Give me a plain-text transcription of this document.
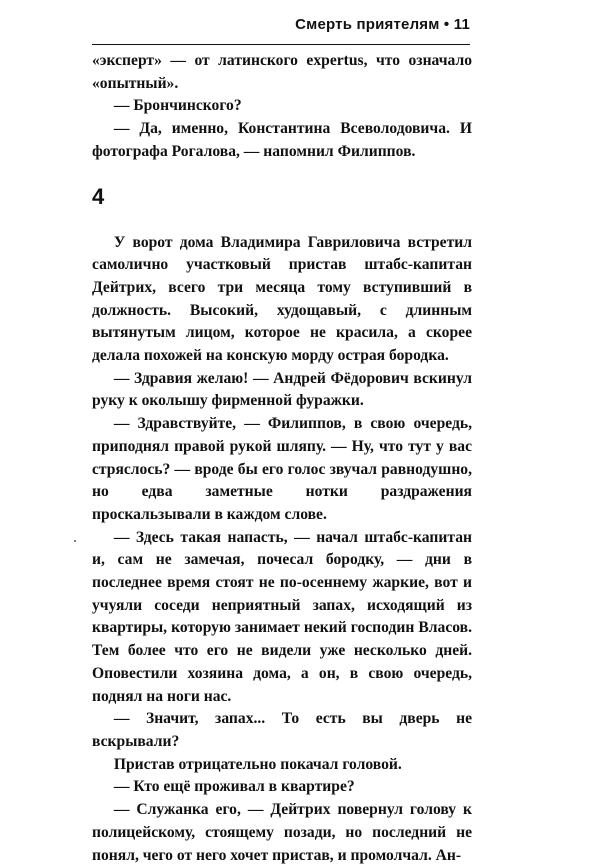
Смерть приятелям • 11

«эксперт» — от латинского expertus, что означало «опытный».

— Брончинского?

— Да, именно, Константина Всеволодовича. И фотографа Рогалова, — напомнил Филиппов.

4

У ворот дома Владимира Гавриловича встретил самолично участковый пристав штабс-капитан Дейтрих, всего три месяца тому вступивший в должность. Высокий, худощавый, с длинным вытянутым лицом, которое не красила, а скорее делала похожей на конскую морду острая бородка.

— Здравия желаю! — Андрей Фёдорович вскинул руку к околышу фирменной фуражки.

— Здравствуйте, — Филиппов, в свою очередь, приподнял правой рукой шляпу. — Ну, что тут у вас стряслось? — вроде бы его голос звучал равнодушно, но едва заметные нотки раздражения проскальзывали в каждом слове.

— Здесь такая напасть, — начал штабс-капитан и, сам не замечая, почесал бородку, — дни в последнее время стоят не по-осеннему жаркие, вот и учуяли соседи неприятный запах, исходящий из квартиры, которую занимает некий господин Власов. Тем более что его не видели уже несколько дней. Оповестили хозяина дома, а он, в свою очередь, поднял на ноги нас.

— Значит, запах... То есть вы дверь не вскрывали?

Пристав отрицательно покачал головой.

— Кто ещё проживал в квартире?

— Служанка его, — Дейтрих повернул голову к полицейскому, стоящему позади, но последний не понял, чего от него хочет пристав, и промолчал. Ан-
